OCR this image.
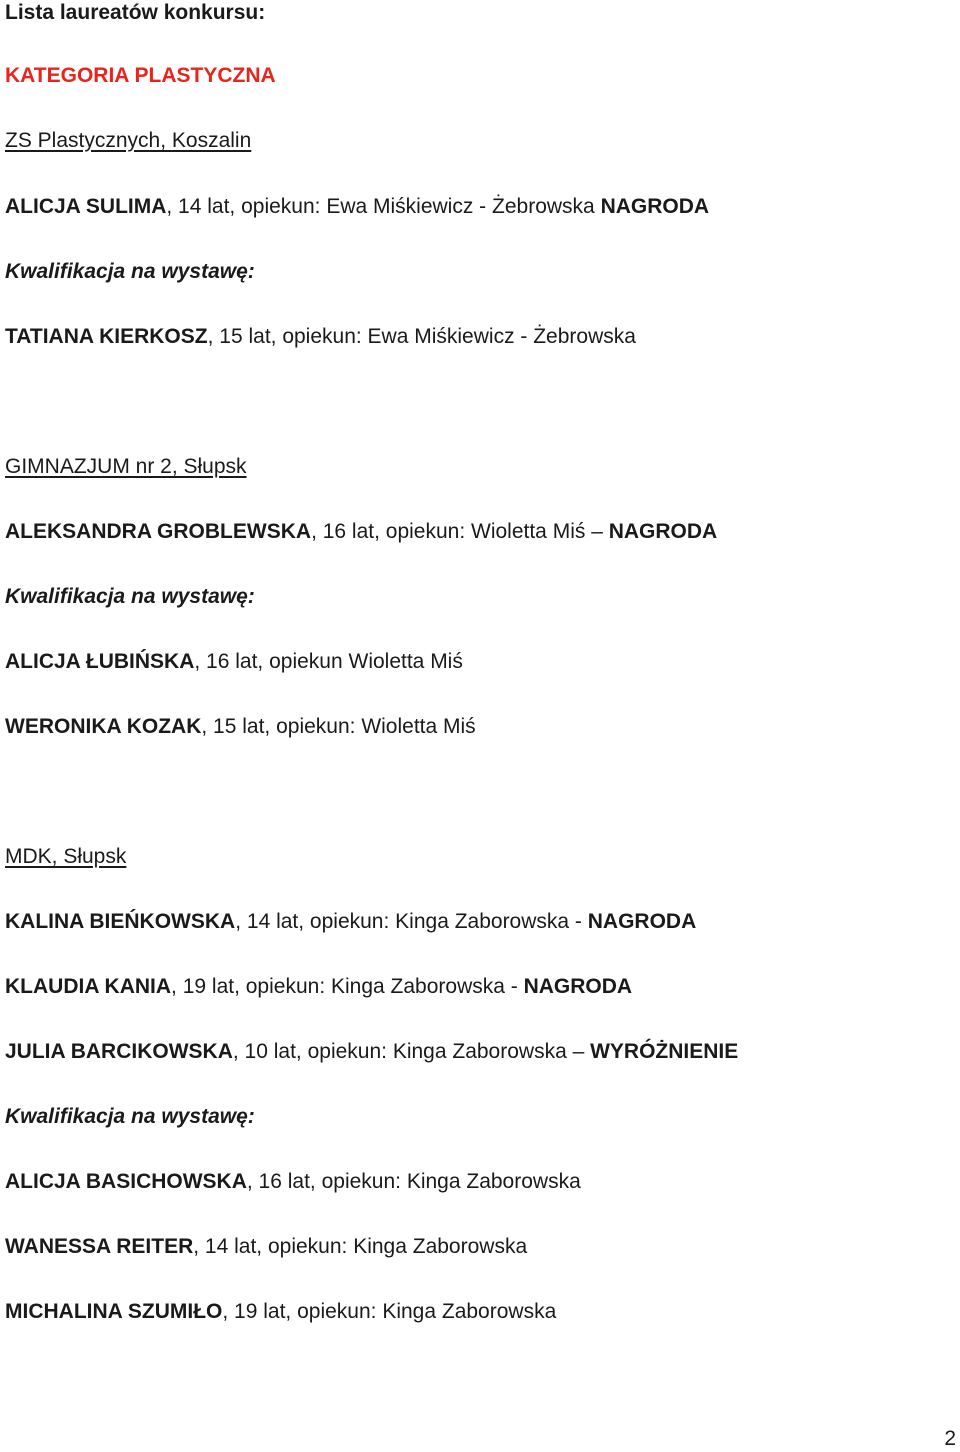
Lista laureatów konkursu:
KATEGORIA PLASTYCZNA
ZS Plastycznych, Koszalin
ALICJA SULIMA, 14 lat, opiekun: Ewa Miśkiewicz - Żebrowska NAGRODA
Kwalifikacja na wystawę:
TATIANA KIERKOSZ, 15 lat, opiekun: Ewa Miśkiewicz - Żebrowska
GIMNAZJUM nr 2, Słupsk
ALEKSANDRA GROBLEWSKA, 16 lat, opiekun: Wioletta Miś – NAGRODA
Kwalifikacja na wystawę:
ALICJA ŁUBIŃSKA, 16 lat, opiekun Wioletta Miś
WERONIKA KOZAK, 15 lat, opiekun: Wioletta Miś
MDK, Słupsk
KALINA BIEŃKOWSKA, 14 lat, opiekun: Kinga Zaborowska - NAGRODA
KLAUDIA KANIA, 19 lat, opiekun: Kinga Zaborowska - NAGRODA
JULIA BARCIKOWSKA, 10 lat, opiekun: Kinga Zaborowska – WYRÓŻNIENIE
Kwalifikacja na wystawę:
ALICJA BASICHOWSKA, 16 lat, opiekun: Kinga Zaborowska
WANESSA REITER, 14 lat, opiekun: Kinga Zaborowska
MICHALINA SZUMIŁO, 19 lat, opiekun: Kinga Zaborowska
2
